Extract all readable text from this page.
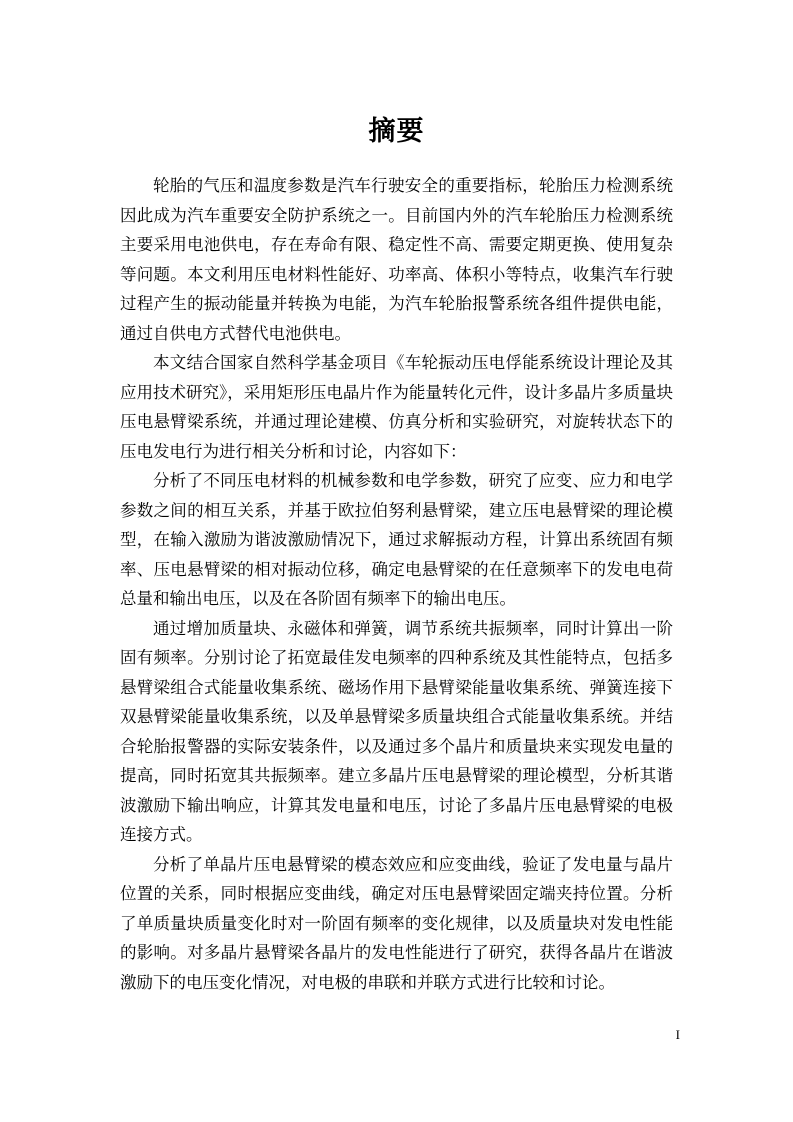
摘要

轮胎的气压和温度参数是汽车行驶安全的重要指标，轮胎压力检测系统因此成为汽车重要安全防护系统之一。目前国内外的汽车轮胎压力检测系统主要采用电池供电，存在寿命有限、稳定性不高、需要定期更换、使用复杂等问题。本文利用压电材料性能好、功率高、体积小等特点，收集汽车行驶过程产生的振动能量并转换为电能，为汽车轮胎报警系统各组件提供电能，通过自供电方式替代电池供电。

本文结合国家自然科学基金项目《车轮振动压电俘能系统设计理论及其应用技术研究》，采用矩形压电晶片作为能量转化元件，设计多晶片多质量块压电悬臂梁系统，并通过理论建模、仿真分析和实验研究，对旋转状态下的压电发电行为进行相关分析和讨论，内容如下：

分析了不同压电材料的机械参数和电学参数，研究了应变、应力和电学参数之间的相互关系，并基于欧拉伯努利悬臂梁，建立压电悬臂梁的理论模型，在输入激励为谐波激励情况下，通过求解振动方程，计算出系统固有频率、压电悬臂梁的相对振动位移，确定电悬臂梁的在任意频率下的发电电荷总量和输出电压，以及在各阶固有频率下的输出电压。

通过增加质量块、永磁体和弹簧，调节系统共振频率，同时计算出一阶固有频率。分别讨论了拓宽最佳发电频率的四种系统及其性能特点，包括多悬臂梁组合式能量收集系统、磁场作用下悬臂梁能量收集系统、弹簧连接下双悬臂梁能量收集系统，以及单悬臂梁多质量块组合式能量收集系统。并结合轮胎报警器的实际安装条件，以及通过多个晶片和质量块来实现发电量的提高，同时拓宽其共振频率。建立多晶片压电悬臂梁的理论模型，分析其谐波激励下输出响应，计算其发电量和电压，讨论了多晶片压电悬臂梁的电极连接方式。

分析了单晶片压电悬臂梁的模态效应和应变曲线，验证了发电量与晶片位置的关系，同时根据应变曲线，确定对压电悬臂梁固定端夹持位置。分析了单质量块质量变化时对一阶固有频率的变化规律，以及质量块对发电性能的影响。对多晶片悬臂梁各晶片的发电性能进行了研究，获得各晶片在谐波激励下的电压变化情况，对电极的串联和并联方式进行比较和讨论。

I
